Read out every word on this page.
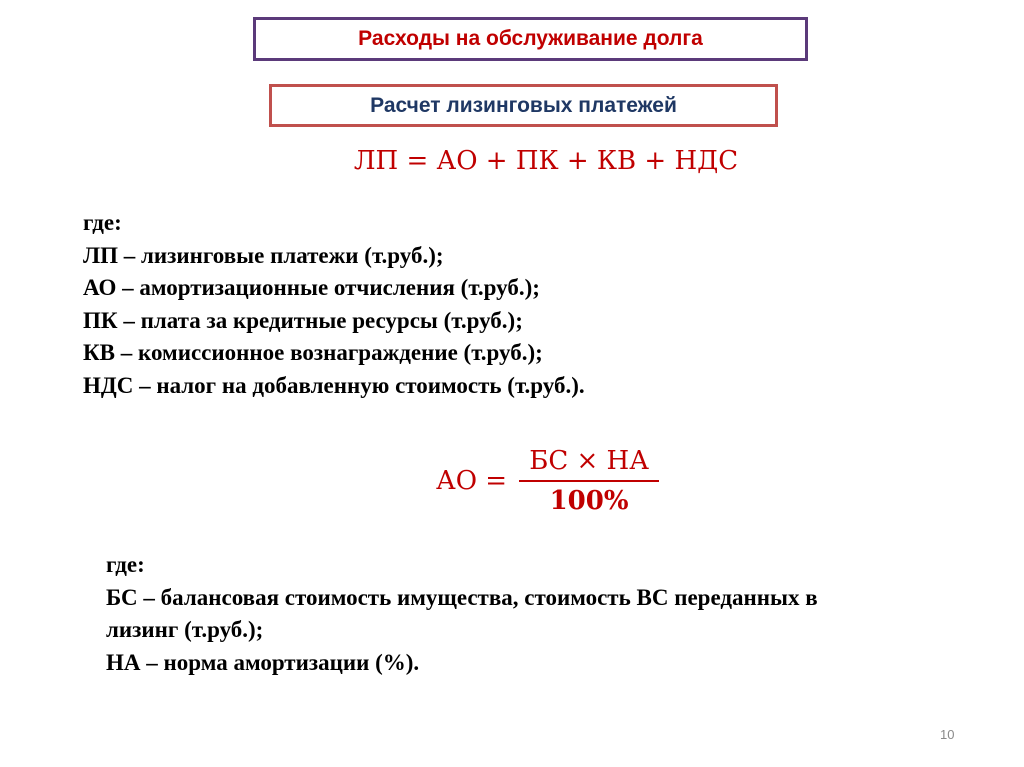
Расходы на обслуживание долга
Расчет лизинговых платежей
ЛП = АО + ПК + КВ + НДС
где:
ЛП – лизинговые платежи (т.руб.);
АО – амортизационные отчисления (т.руб.);
ПК – плата за кредитные ресурсы (т.руб.);
КВ – комиссионное вознаграждение (т.руб.);
НДС – налог на добавленную стоимость (т.руб.).
АО = $\frac{БС \times НА}{100\%}$
где:
БС – балансовая стоимость имущества, стоимость ВС переданных в
лизинг (т.руб.);
НА – норма амортизации (%).
10
